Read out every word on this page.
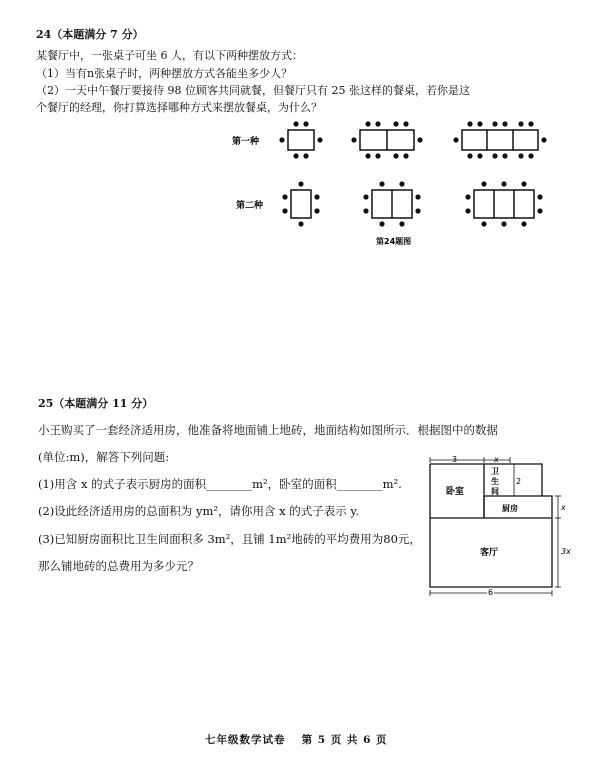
24（本题满分 7 分）
某餐厅中，一张桌子可坐 6 人，有以下两种摆放方式：
（1）当有n张桌子时，两种摆放方式各能坐多少人？
（2）一天中午餐厅要接待 98 位顾客共同就餐，但餐厅只有 25 张这样的餐桌，若你是这
个餐厅的经理，你打算选择哪种方式来摆放餐桌，为什么？
第一种
第二种
第24题图
25（本题满分 11 分）
小王购买了一套经济适用房，他准备将地面铺上地砖，地面结构如图所示．根据图中的数据
(单位:m)，解答下列问题:
(1)用含 x 的式子表示厨房的面积________m²，卧室的面积________m².
(2)设此经济适用房的总面积为 ym²，请你用含 x 的式子表示 y.
(3)已知厨房面积比卫生间面积多 3m²，且铺 1m²地砖的平均费用为80元，
那么铺地砖的总费用为多少元？
3	x
2
x
3x
6
卧室
卫
生
间
厨房
客厅
七年级数学试卷　 第 5 页 共 6 页
